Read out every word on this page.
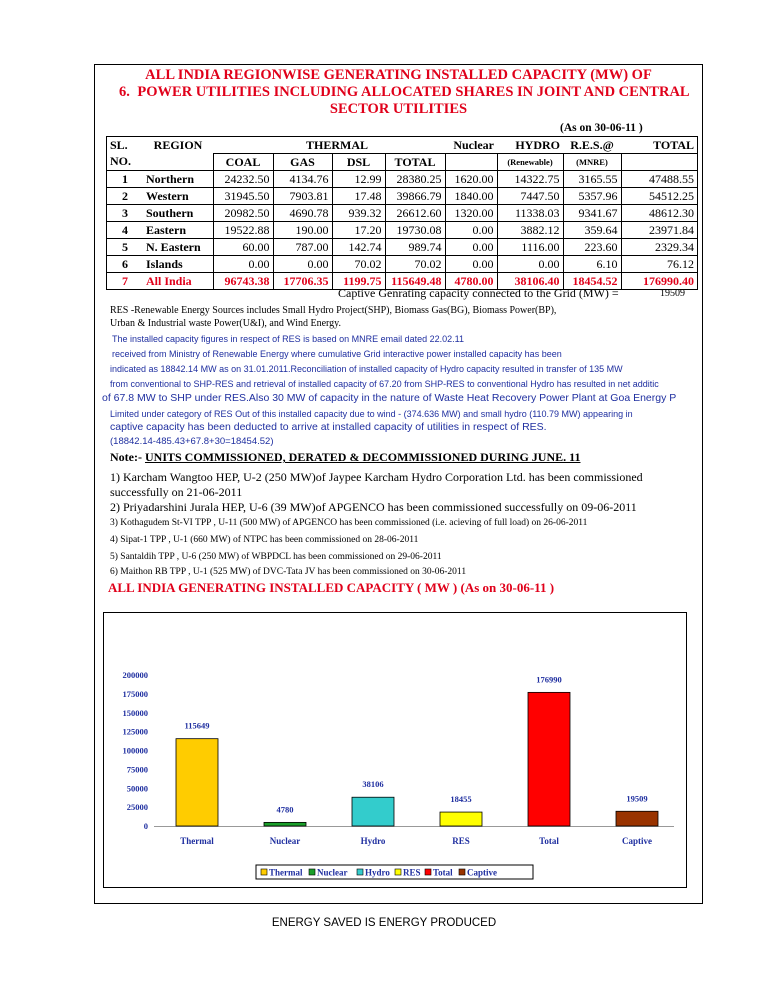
6.
ALL INDIA REGIONWISE GENERATING INSTALLED CAPACITY (MW) OF
POWER UTILITIES INCLUDING ALLOCATED SHARES IN JOINT AND CENTRAL
SECTOR UTILITIES
(As on 30-06-11 )
SL.	REGION		THERMAL			Nuclear	HYDRO	R.E.S.@	TOTAL
NO.		COAL	GAS	DSL	TOTAL		(Renewable)	(MNRE)	
1	Northern	24232.50	4134.76	12.99	28380.25	1620.00	14322.75	3165.55	47488.55
2	Western	31945.50	7903.81	17.48	39866.79	1840.00	7447.50	5357.96	54512.25
3	Southern	20982.50	4690.78	939.32	26612.60	1320.00	11338.03	9341.67	48612.30
4	Eastern	19522.88	190.00	17.20	19730.08	0.00	3882.12	359.64	23971.84
5	N. Eastern	60.00	787.00	142.74	989.74	0.00	1116.00	223.60	2329.34
6	Islands	0.00	0.00	70.02	70.02	0.00	0.00	6.10	76.12
7	All India	96743.38	17706.35	1199.75	115649.48	4780.00	38106.40	18454.52	176990.40
Captive Genrating capacity connected to the Grid (MW) =	19509
RES -Renewable Energy Sources includes Small Hydro Project(SHP), Biomass Gas(BG), Biomass Power(BP),
Urban & Industrial waste Power(U&I), and Wind Energy.
The installed capacity figures in respect of RES is based on MNRE email dated 22.02.11
received from Ministry of Renewable Energy where cumulative Grid interactive power installed capacity has been
indicated as 18842.14 MW as on 31.01.2011.Reconciliation of installed capacity of Hydro capacity resulted in transfer of 135 MW
from conventional to SHP-RES and retrieval of installed capacity of 67.20 from SHP-RES to conventional Hydro has resulted in net additic
of 67.8 MW to SHP under RES.Also 30 MW of capacity in the nature of Waste Heat Recovery Power Plant at Goa Energy P
Limited under category of RES Out of this installed capacity due to wind - (374.636 MW) and small hydro (110.79 MW) appearing in
captive capacity has been deducted to arrive at installed capacity of utilities in respect of RES.
(18842.14-485.43+67.8+30=18454.52)
Note:- UNITS COMMISSIONED, DERATED & DECOMMISSIONED DURING JUNE. 11
1) Karcham Wangtoo HEP, U-2 (250 MW)of Jaypee Karcham Hydro Corporation Ltd. has been commissioned
successfully on 21-06-2011
2) Priyadarshini Jurala HEP, U-6 (39 MW)of APGENCO has been commissioned successfully on 09-06-2011
3) Kothagudem St-VI TPP , U-11 (500 MW) of APGENCO has been commissioned (i.e. acieving of full load) on 26-06-2011
4) Sipat-1 TPP , U-1 (660 MW) of NTPC has been commissioned on 28-06-2011
5) Santaldih TPP , U-6 (250 MW) of WBPDCL has been commissioned on 29-06-2011
6) Maithon RB TPP , U-1 (525 MW) of DVC-Tata JV has been commissioned on 30-06-2011
ALL INDIA GENERATING INSTALLED CAPACITY ( MW ) (As on 30-06-11 )
0
25000
50000
75000
100000
125000
150000
175000
200000
115649
Thermal
4780
Nuclear
38106
Hydro
18455
RES
176990
Total
19509
Captive
Thermal Nuclear Hydro RES Total Captive
ENERGY SAVED IS ENERGY PRODUCED
